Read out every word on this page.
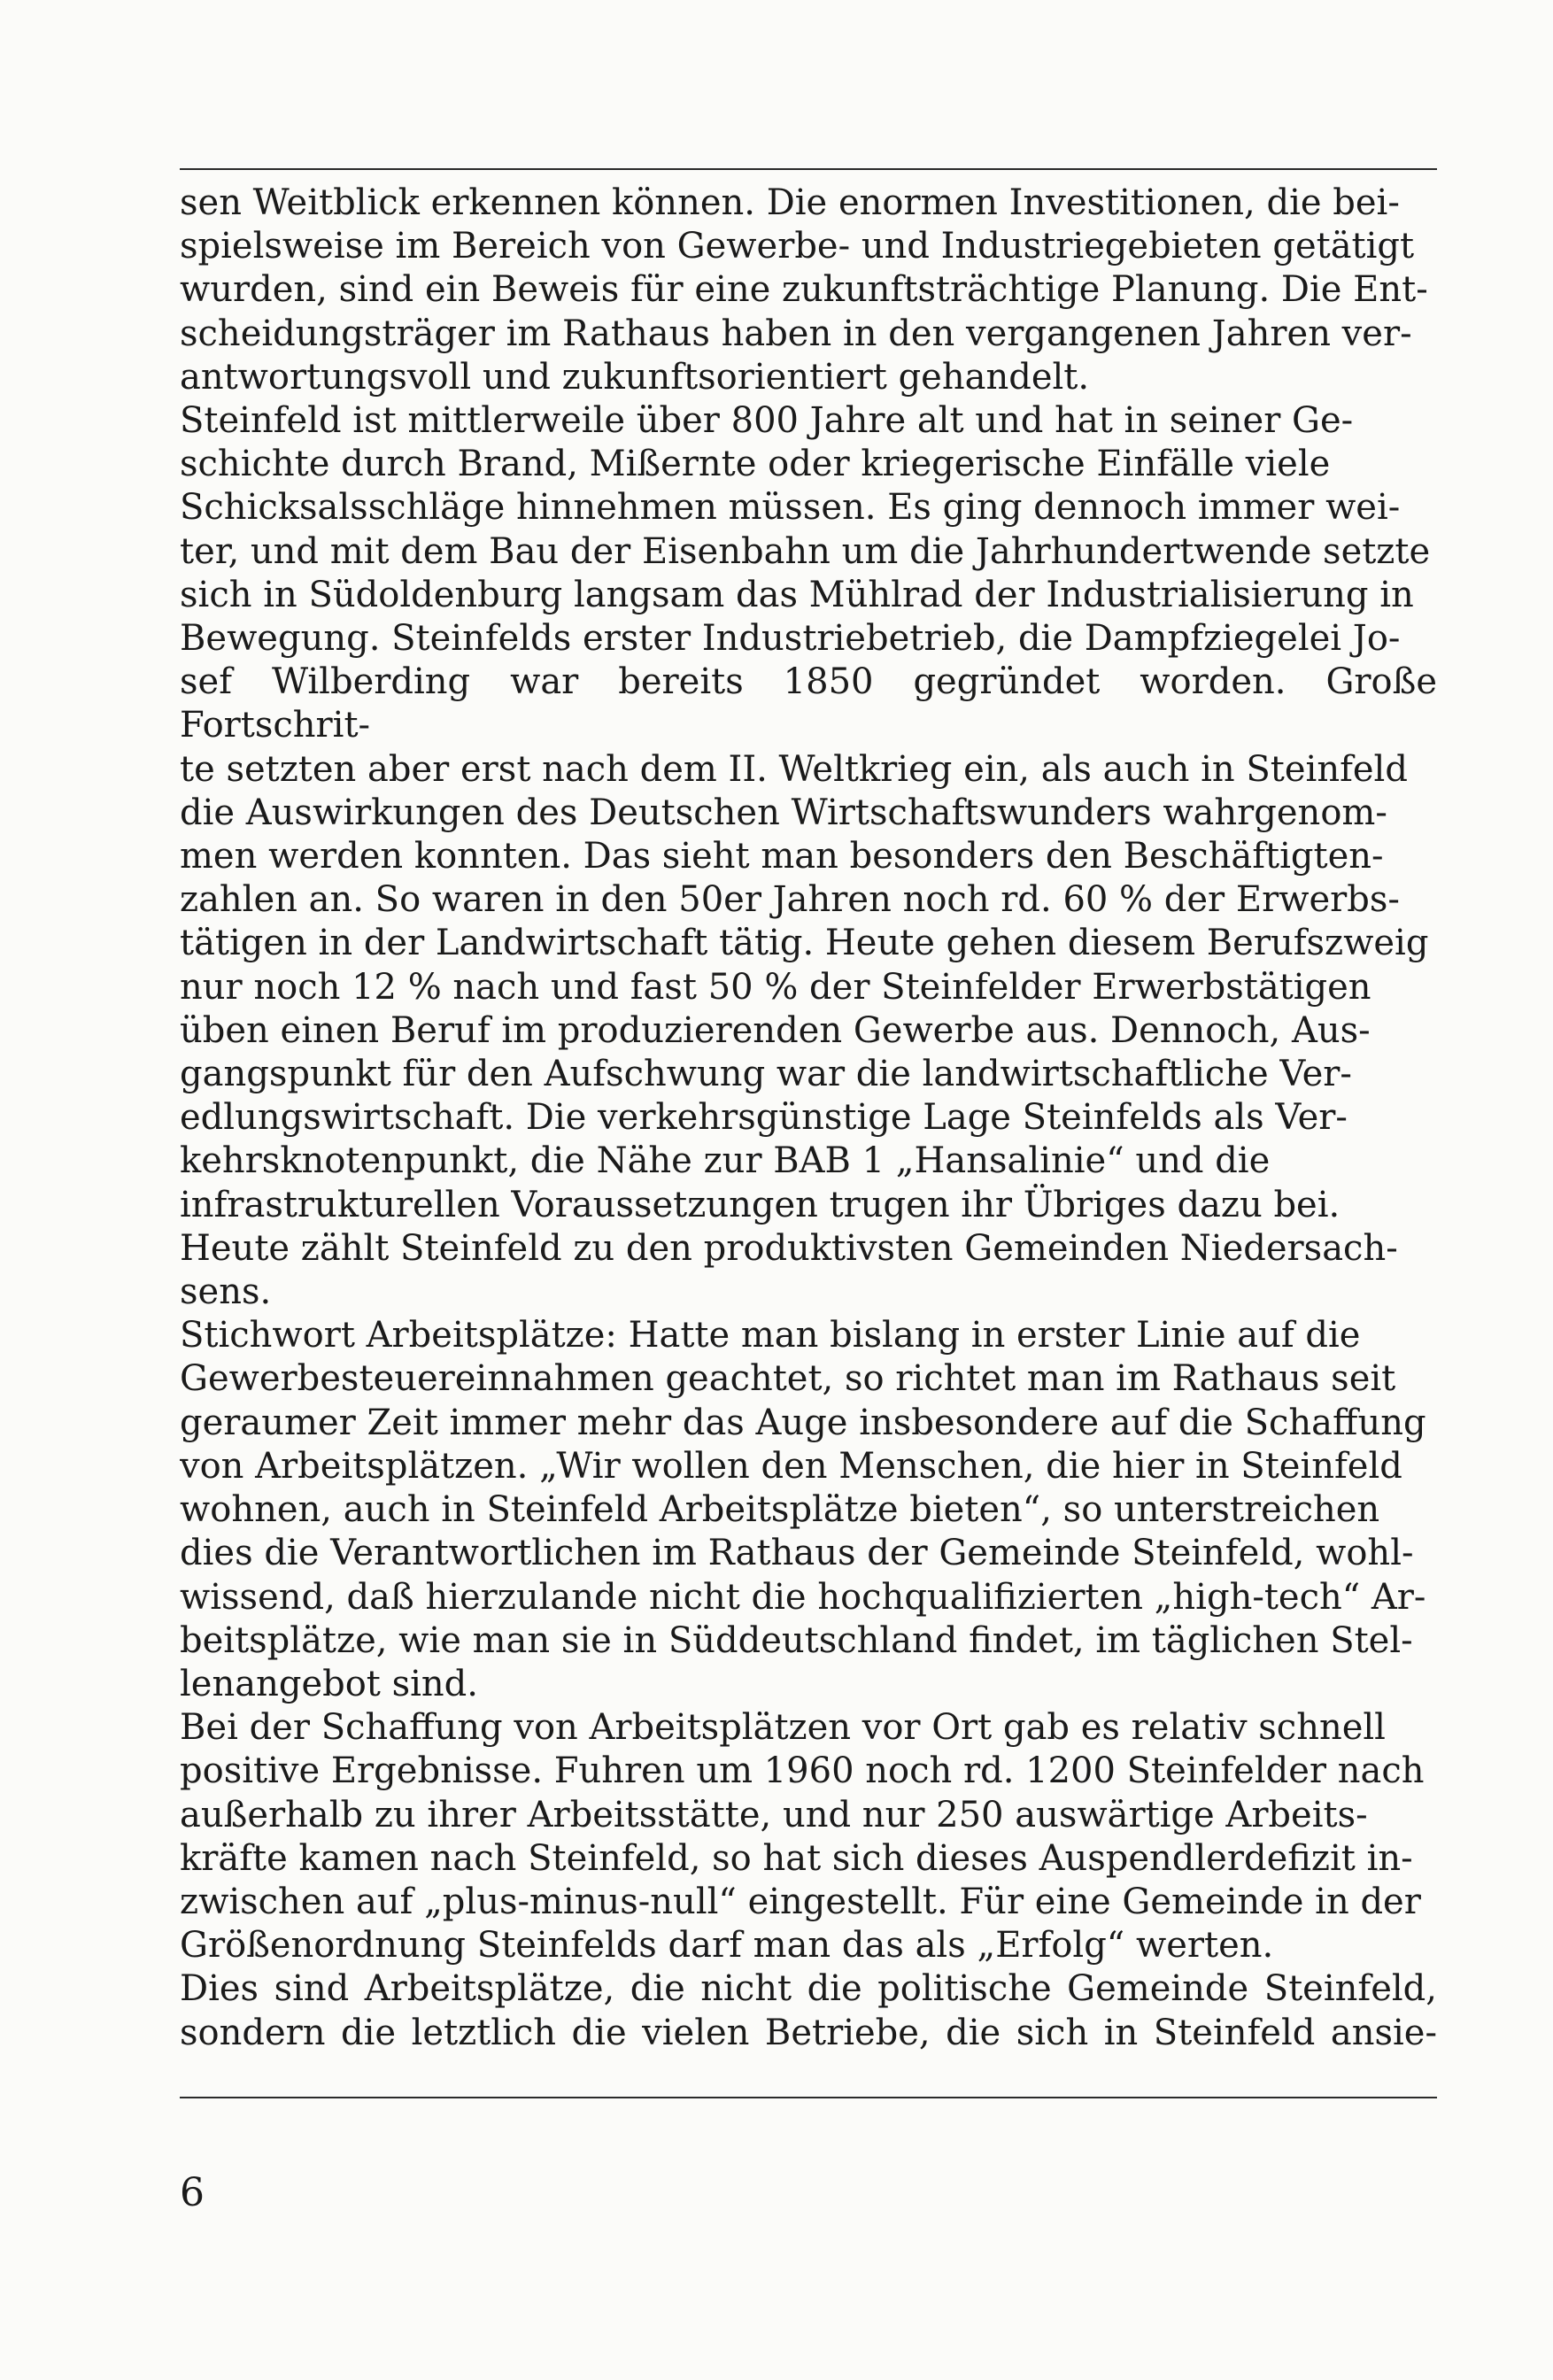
sen Weitblick erkennen können. Die enormen Investitionen, die bei-
spielsweise im Bereich von Gewerbe- und Industriegebieten getätigt
wurden, sind ein Beweis für eine zukunftsträchtige Planung. Die Ent-
scheidungsträger im Rathaus haben in den vergangenen Jahren ver-
antwortungsvoll und zukunftsorientiert gehandelt.

Steinfeld ist mittlerweile über 800 Jahre alt und hat in seiner Ge-
schichte durch Brand, Mißernte oder kriegerische Einfälle viele
Schicksalsschläge hinnehmen müssen. Es ging dennoch immer wei-
ter, und mit dem Bau der Eisenbahn um die Jahrhundertwende setzte
sich in Südoldenburg langsam das Mühlrad der Industrialisierung in
Bewegung. Steinfelds erster Industriebetrieb, die Dampfziegelei Jo-
sef Wilberding war bereits 1850 gegründet worden. Große Fortschrit-
te setzten aber erst nach dem II. Weltkrieg ein, als auch in Steinfeld
die Auswirkungen des Deutschen Wirtschaftswunders wahrgenom-
men werden konnten. Das sieht man besonders den Beschäftigten-
zahlen an. So waren in den 50er Jahren noch rd. 60 % der Erwerbs-
tätigen in der Landwirtschaft tätig. Heute gehen diesem Berufszweig
nur noch 12 % nach und fast 50 % der Steinfelder Erwerbstätigen
üben einen Beruf im produzierenden Gewerbe aus. Dennoch, Aus-
gangspunkt für den Aufschwung war die landwirtschaftliche Ver-
edlungswirtschaft. Die verkehrsgünstige Lage Steinfelds als Ver-
kehrsknotenpunkt, die Nähe zur BAB 1 „Hansalinie“ und die
infrastrukturellen Voraussetzungen trugen ihr Übriges dazu bei.
Heute zählt Steinfeld zu den produktivsten Gemeinden Niedersach-
sens.

Stichwort Arbeitsplätze: Hatte man bislang in erster Linie auf die
Gewerbesteuereinnahmen geachtet, so richtet man im Rathaus seit
geraumer Zeit immer mehr das Auge insbesondere auf die Schaffung
von Arbeitsplätzen. „Wir wollen den Menschen, die hier in Steinfeld
wohnen, auch in Steinfeld Arbeitsplätze bieten“, so unterstreichen
dies die Verantwortlichen im Rathaus der Gemeinde Steinfeld, wohl-
wissend, daß hierzulande nicht die hochqualifizierten „high-tech“ Ar-
beitsplätze, wie man sie in Süddeutschland findet, im täglichen Stel-
lenangebot sind.

Bei der Schaffung von Arbeitsplätzen vor Ort gab es relativ schnell
positive Ergebnisse. Fuhren um 1960 noch rd. 1200 Steinfelder nach
außerhalb zu ihrer Arbeitsstätte, und nur 250 auswärtige Arbeits-
kräfte kamen nach Steinfeld, so hat sich dieses Auspendlerdefizit in-
zwischen auf „plus-minus-null“ eingestellt. Für eine Gemeinde in der
Größenordnung Steinfelds darf man das als „Erfolg“ werten.

Dies sind Arbeitsplätze, die nicht die politische Gemeinde Steinfeld,
sondern die letztlich die vielen Betriebe, die sich in Steinfeld ansie-

6
